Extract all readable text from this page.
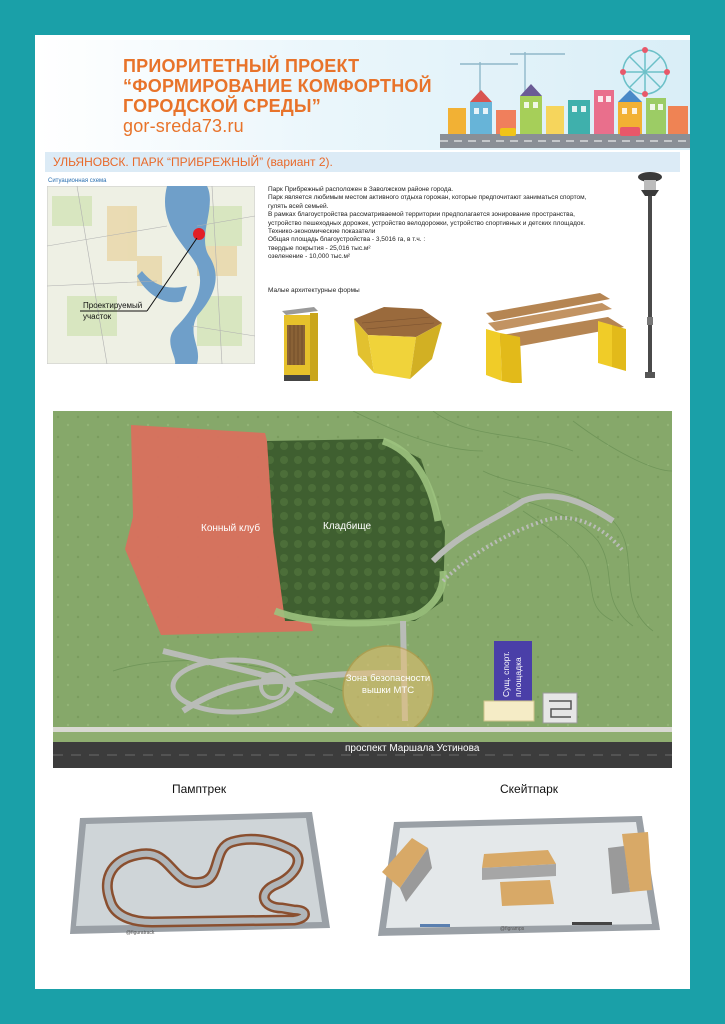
ПРИОРИТЕТНЫЙ ПРОЕКТ
“ФОРМИРОВАНИЕ КОМФОРТНОЙ
ГОРОДСКОЙ СРЕДЫ”
gor-sreda73.ru
УЛЬЯНОВСК. ПАРК “ПРИБРЕЖНЫЙ” (вариант 2).
Ситуационная схема
Проектируемый
участок
Парк Прибрежный расположен в Заволжском районе города.
Парк является любимым местом активного отдыха горожан, которые предпочитают заниматься спортом,
гулять всей семьей.
В рамках благоустройства рассматриваемой территории предполагается зонирование пространства,
устройство пешеходных дорожек, устройство велодорожки, устройство спортивных и детских площадок.
Технико-экономические показатели
Общая площадь благоустройства - 3,5016 га, в т.ч. :
твердые покрытия - 25,016 тыс.м²
озеленение - 10,000 тыс.м²
Малые архитектурные формы
Конный клуб	Кладбище
Зона безопасности
вышки МТС	Сущ. спорт. площадка
проспект Маршала Устинова
Памптрек	Скейтпарк
@figuratrack
@figramps
